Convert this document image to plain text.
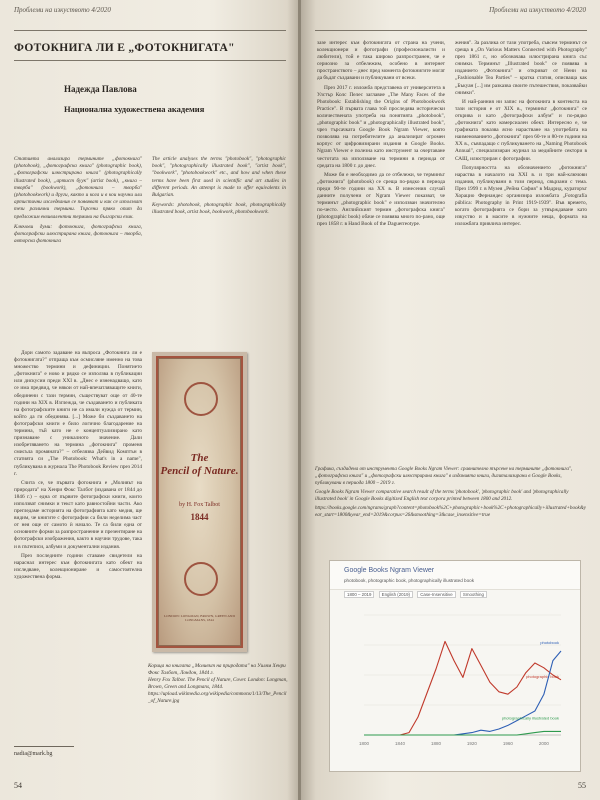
Проблеми на изкуството 4/2020
ФОТОКНИГА ЛИ Е „ФОТОКНИГАТА"
Надежда Павлова
Национална художествена академия

Статията анализира термините „фотокнига" (photobook), „фотографска книга" (photographic book), „фотографски илюстрирана книга" (photographically illustrated book), „артист буук" (artist book), „книга – творба" (bookwork), „фотокнига – творба" (photobookwork) и други, както и кога и в кои научни или артистични изследвания се появяват и как се използват тези различни термини. Търсени пряко опит да предложим еквивалентни термини на български език.

Ключови думи: фотокнига, фотографска книга, фотографски илюстрирана книга, фотокнига – творба, авторска фотокнига

The article analyses the terms "photobook", "photographic book", "photographically illustrated book", "artist book", "bookwork", "photobookwork" etc., and how and when these terms have been first used in scientific and art studies in different periods. An attempt is made to offer equivalents in Bulgarian.

Keywords: photobook, photographic book, photographically illustrated book, artist book, bookwork, photobookwork.

Дори самото задаване на въпроса „Фотокнига ли е фотокнигата?" отпраща към осмисляне именно на това множество термини и дефиниции. Понятието „фотокнига" е ново и рядко се използва в публикации или дискусии преди ХХI в. „Днес е изненадващо, като се има предвид, че някои от най-впечатляващите книги, обединени с тази термин, съществуват още от 40-те години на ХIХ в. Изглежда, че създаването и публиката на фотографските книги не са имали нужда от термин, който да ги обединява. [...] Може би създаването на фотографски книги е било логично благодарение на термина, тъй като не е концептуализирано като признаване с уникалното значение. Дали изобретяването на термина „фотокнига" променя смисъла промяната?" – отбелязва Дейвид Комптън в статията си „The Photobook: What's in a name", публикувана в журнала The Photobook Review през 2014 г.

Счита се, че първата фотокнига е „Моливът на природата" на Хенри Фокс Талбот (издавана от 1844 до 1846 г.) – една от първите фотографски книги, които използват снимки и текст като равностойни части. Ако прегледаме историята на фотографията като медия, ще видим, че книгите с фотографии са били неделима част от нея още от самото ѝ начало. Те са били една от основните форми за разпространение и презентиране на фотографски изображения, както в научни трудове, така и в пътеписи, албуми и документални издания.

През последните години ставаме свидетели на нараснал интерес към фотокнигата като обект на изследване, колекциониране и самостоятелна художествена форма.

The
Pencil of Nature.
by H. Fox Talbot
1844
LONDON: LONGMAN, BROWN, GREEN AND LONGMANS, 1844
Корица на книгата „Моливът на природата" на Уилям Хенри Фокс Талбот, Лондон, 1844 г.
Henry Fox Talbot. The Pencil of Nature, Cover. London: Longman, Brown, Green and Longmans, 1844.
https://upload.wikimedia.org/wikipedia/commons/1/13/The_Pencil_of_Nature.jpg
nadia@mark.bg
54
Проблеми на изкуството 4/2020

зазе интерес към фотокнигата от страна на учени, колекционери и фотографи (професионалисти и любители), той е така широко разпространен, че е сериозно за отбележим, особено в интернет пространството – днес пред момента фотокнигите могат да бъдат създавани и публикувани от всеки.

През 2017 г. изложба представена от университета в Улстър Колс Пелес заглавие „The Many Faces of the Photobook: Establishing the Origins of Photobookwork Practice". В първата глава той проследява исторически количествената употреба на понятията „photobook", „photographic book" и „photographically illustrated book", чрез търсачката Google Book Ngram Viewer, която позволява на потребителите да анализират огромен корпус от цифровизирани издания в Google Books. Ngram Viewer е полезна като инструмент за очертаване честотата на използване на термини в периода от средата на 1800 г. до днес.

Може би е необходимо да се отбележи, че терминът „фотокнига" (photobook) се среща по-рядко в периода преди 90-те години на ХХ в. В изнесения случай данните получени от Ngram Viewer показват, че терминът „photographic book" е използван значително по-често. Английският термин „фотографска книга" (photographic book) обаче се появява много по-рано, още през 1858 г. в Hand Book of the Daguerreotype.

жения". За разлика от тази употреба, съвсем терминът се среща в „On Various Matters Connected with Photography" през 1861 г., но обозначава илюстрирана книга със снимки. Терминът „Illustrated book" се появява в изданието „Фотокнига" и откриват от Нени на „Fashionable Tea Parties" – кратка статия, описваща как „Бъкуан [...] им разказва своите пътешествия, показвайки снимки".

И най-ранния ни запис на фотокнига в контекста на тази история е от ХIХ в., терминът „фотокнига" се открива и като „фотографски албум" и по-рядко „фотокнига" като комерсиален обект. Интересно е, че графиката показва ясно нарастване на употребата на наименованието „фотокнига" през 60-те и 80-те години на ХХ в., съвпадащо с публикуването на „Naming Photobook Annual", специализиран журнал за медийните сектори в САЩ, илюстриран с фотографии.

Популярността на обозначението „фотокнига" нараства в началото на ХХI в. и три най-ключови издания, публикувани в този период, свързани с тема. През 1999 г. в Музея „Рейна София" в Мадрид, кураторът Хорацио Фернандес организира изложбата „Fotografía pública: Photography in Print 1919-1939". Във времето, когато фотографията се бори за утвърждаване като изкуство и в масите в нужните неща, формата на изложбата привлича интерес.

Графика, създадена от инструмента Google Books Ngram Viewer: сравнително търсене на термините „фотокнига", „фотографска книга" и „фотографски илюстрирана книга" в изданията книги, дигитализирани в Google Books, публикувани в периода 1800 – 2019 г.

Google Books Ngram Viewer comparative search result of the terms 'photobook', 'photographic book' and 'photographically illustrated book' in Google Books digitized English text corpora printed between 1800 and 2012.

https://books.google.com/ngrams/graph?content=photobook%2C+photographic+book%2C+photographically+illustrated+book&year_start=1800&year_end=2019&corpus=26&smoothing=3&case_insensitive=true

Google Books Ngram Viewer
photobook, photographic book, photographically illustrated book
1800 – 2019 English (2019) Case-Insensitive Smoothing
1800	1840	1880	1920	1960	2000
photographic book
photobook
photographically illustrated book
55
